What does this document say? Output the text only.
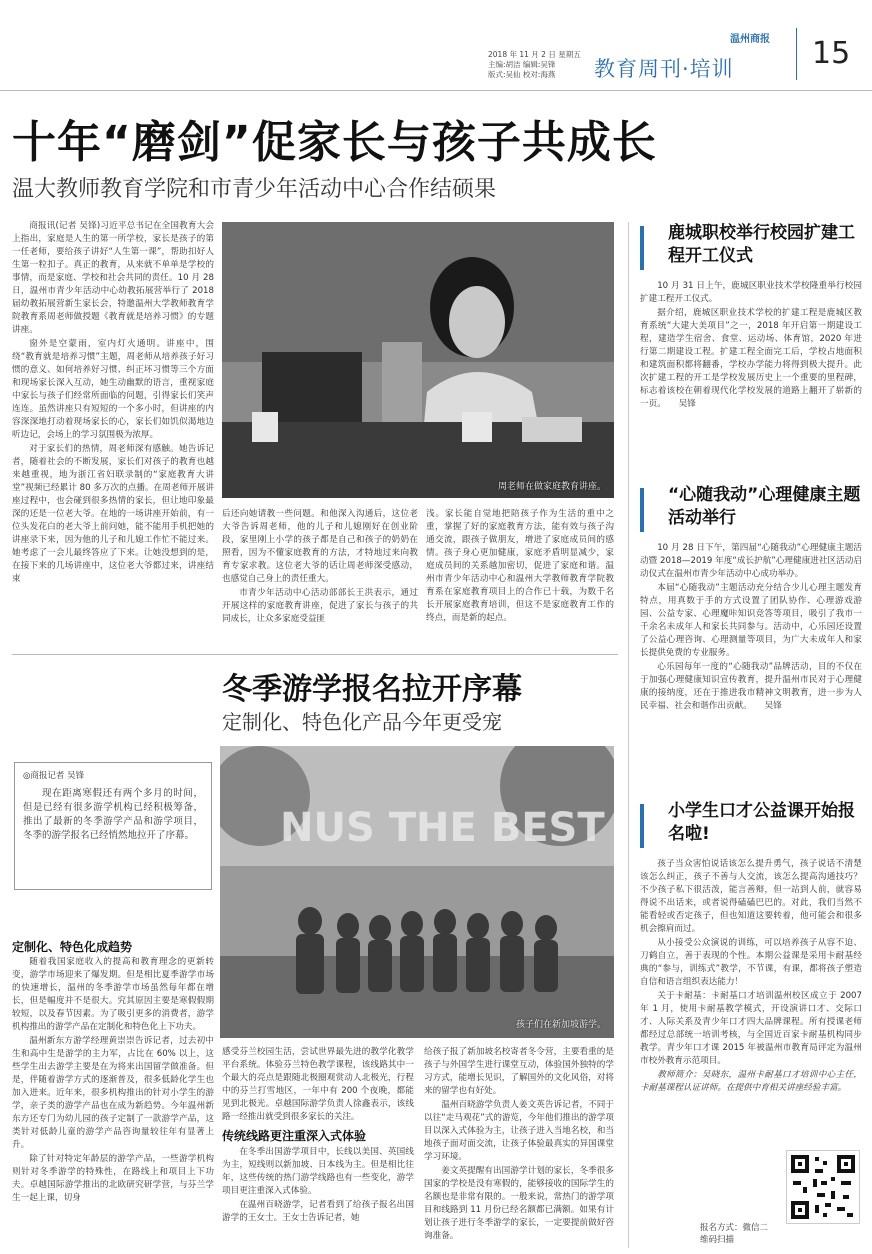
2018 年 11 月 2 日 星期五
主编:胡洁 编辑:吴锋
版式:吴仙 校对:海燕
温州商报
教育周刊·培训	15
十年“磨剑”促家长与孩子共成长
温大教师教育学院和市青少年活动中心合作结硕果

商报讯(记者 吴锋)习近平总书记在全国教育大会上指出，家庭是人生的第一所学校，家长是孩子的第一任老师，要给孩子讲好“人生第一课”，帮助扣好人生第一粒扣子。真正的教育，从来就不单单是学校的事情，而是家庭、学校和社会共同的责任。10 月 28 日，温州市青少年活动中心幼教拓展营举行了 2018 届幼教拓展营新生家长会，特邀温州大学教师教育学院教育系周老师做授题《教育就是培养习惯》的专题讲座。

窗外是空蒙雨，室内灯火通明。讲座中，围绕“教育就是培养习惯”主题，周老师从培养孩子好习惯的意义、如何培养好习惯、纠正坏习惯等三个方面和现场家长深入互动，她生动幽默的语言，重视家庭中家长与孩子们经常所面临的问题，引得家长们笑声连连。虽然讲座只有短短的一个多小时，但讲座的内容深深地打动着现场家长的心，家长们如饥似渴地边听边记，会场上的学习氛围极为浓厚。

对于家长们的热情，周老师深有感触。她告诉记者，随着社会的不断发展，家长们对孩子的教育也越来越重视，地为浙江省妇联录制的“家庭教育大讲堂”视频已经累计 80 多万次的点播。在周老师开展讲座过程中，也会碰到很多热情的家长，但让地印象最深的还是一位老大爷。在地的一场讲座开始前，有一位头发花白的老大爷上前问她，能不能用手机把她的讲座录下来，因为他的儿子和儿媳工作忙不能过来。她考虑了一会儿最终答应了下来。让她没想到的是，在接下来的几场讲座中，这位老大爷都过来，讲座结束

周老师在做家庭教育讲座。

后还向她请教一些问题。和他深入沟通后，这位老大爷告诉周老师，他的儿子和儿媳刚好在创业阶段，家里刚上小学的孩子都是自己和孩子的奶奶在照看，因为不懂家庭教育的方法，才特地过来向教育专家求教。这位老大爷的话让周老师深受感动，也感觉自己身上的责任重大。

市青少年活动中心活动部部长王洪表示，通过开展这样的家庭教育讲座，促进了家长与孩子的共同成长，让众多家庭受益匪

浅。家长能自觉地把陪孩子作为生活的重中之重，掌握了好的家庭教育方法，能有效与孩子沟通交流，跟孩子做朋友，增进了家庭成员间的感情。孩子身心更加健康，家庭矛盾明显减少，家庭成员间的关系越加密切，促进了家庭和谐。温州市青少年活动中心和温州大学教师教育学院教育系在家庭教育项目上的合作已十载，为数千名长开展家庭教育培训，但这不是家庭教育工作的终点，而是新的起点。

冬季游学报名拉开序幕
定制化、特色化产品今年更受宠
◎商报记者 吴锋
现在距离寒假还有两个多月的时间，但是已经有很多游学机构已经积极筹备，推出了最新的冬季游学产品和游学项目，冬季的游学报名已经悄然地拉开了序幕。
定制化、特色化成趋势

随着我国家庭收入的提高和教育理念的更新转变，游学市场迎来了爆发期。但是相比夏季游学市场的快速增长，温州的冬季游学市场虽然每年都在增长，但是幅度并不是很大。究其原因主要是寒假假期较短，以及春节因素。为了吸引更多的消费者，游学机构推出的游学产品在定制化和特色化上下功夫。

温州新东方游学经理黄崇崇告诉记者，过去初中生和高中生是游学的主力军，占比在 60% 以上，这些学生出去游学主要是在为将来出国留学做准备。但是，伴随着游学方式的逐渐普及，很多低龄化学生也加入进来。近年来，很多机构推出的针对小学生的游学，亲子类的游学产品也在成为新趋势。今年温州新东方还专门为幼儿园的孩子定制了一款游学产品，这类针对低龄儿童的游学产品咨询量较往年有显著上升。

除了针对特定年龄层的游学产品，一些游学机构则针对冬季游学的特殊性，在路线上和项目上下功夫。卓越国际游学推出的北欧研究研学营，与芬兰学生一起上课，切身

NUS THE BEST
孩子们在新加坡游学。

感受芬兰校园生活，尝试世界最先进的教学化教学平台系统。体验芬兰特色教学课程，该线路其中一个最大的亮点是跟随北极圈观赏动人北极光，行程中的芬兰打雪地区，一年中有 200 个夜晚，都能见到北极光。卓越国际游学负责人徐鑫表示，该线路一经推出就受到很多家长的关注。

传统线路更注重深入式体验

在冬季出国游学项目中，长线以美国、英国线为主，短线则以新加坡、日本线为主。但是相比往年，这些传统的热门游学线路也有一些变化，游学项目更注重深入式体验。

在温州百晓游学，记者看到了给孩子报名出国游学的王女士。王女士告诉记者，她

给孩子报了新加坡名校寄者冬令营，主要看重的是孩子与外国学生进行课堂互动，体验国外独特的学习方式，能增长见识，了解国外的文化风俗，对将来的留学也有好处。

温州百晓游学负责人姜文英告诉记者，不同于以往“走马观花”式的游览，今年他们推出的游学项目以深入式体验为主，让孩子进入当地名校，和当地孩子面对面交流，让孩子体验最真实的异国课堂学习环境。

姜文英提醒有出国游学计划的家长，冬季很多国家的学校是没有寒假的，能够接收的国际学生的名额也是非常有限的。一般来说，常热门的游学项目和线路到 11 月份已经名额都已满额。如果有计划让孩子进行冬季游学的家长，一定要提前做好咨询准备。

鹿城职校举行校园扩建工程开工仪式

10 月 31 日上午，鹿城区职业技术学校隆重举行校园扩建工程开工仪式。

据介绍，鹿城区职业技术学校的扩建工程是鹿城区教育系统“大建大美项目”之一，2018 年开启第一期建设工程，建造学生宿舍、食堂、运动场、体育馆，2020 年进行第二期建设工程。扩建工程全面完工后，学校占地面积和建筑面积都将翻番，学校办学能力将得到极大提升。此次扩建工程的开工是学校发展历史上一个重要的里程碑，标志着该校在朝着现代化学校发展的道路上翻开了崭新的一页。　　吴锋

“心随我动”心理健康主题活动举行

10 月 28 日下午，第四届“心随我动”心理健康主题活动暨 2018—2019 年度“成长护航”心理健康进社区活动启动仪式在温州市青少年活动中心成功举办。

本届“心随我动”主题活动充分结合少儿心理主题发育特点，用真数于手的方式设置了团队协作、心理游戏游园、公益专家、心理魔咔知识竞答等项目，吸引了我市一千余名未成年人和家长共同参与。活动中，心乐园还设置了公益心理咨询、心理测量等项目，为广大未成年人和家长提供免费的专业服务。

心乐园每年一度的“心随我动”品牌活动，目的不仅在于加强心理健康知识宣传教育，提升温州市民对于心理健康的接纳度，还在于推进我市精神文明教育，进一步为人民幸福、社会和谐作出贡献。　　吴锋

小学生口才公益课开始报名啦!

孩子当众害怕说话该怎么提升勇气，孩子说话不清楚该怎么纠正，孩子不善与人交流，该怎么提高沟通技巧？不少孩子私下很活泼，能言善辩，但一站到人前，就容易得说不出话来，或者说得磕磕巴巴的。对此，我们当然不能看轻或否定孩子，但也知道这要转着，他可能会和很多机会擦肩而过。

从小接受公众演说的训练，可以培养孩子从容不迫、刀鹤自立，善于表现的个性。本期公益课是采用卡耐基经典的“参与，训练式”教学，不节课，有课，都将孩子塑造自信和语言组织表达能力！

关于卡耐基：卡耐基口才培训温州校区成立于 2007 年 1 月，使用卡耐基教学模式，开设演讲口才、交际口才、人际关系及青少年口才四大品牌课程。所有授课老师都经过总部统一培训考核，与全国近百家卡耐基机构同步教学。青少年口才课 2015 年被温州市教育局评定为温州市校外教育示范项目。

教师简介：吴晓东，温州卡耐基口才培训中心主任，卡耐基课程认证讲师。在提供中育相关讲座经验丰富。

报名方式：微信二
维码扫描
